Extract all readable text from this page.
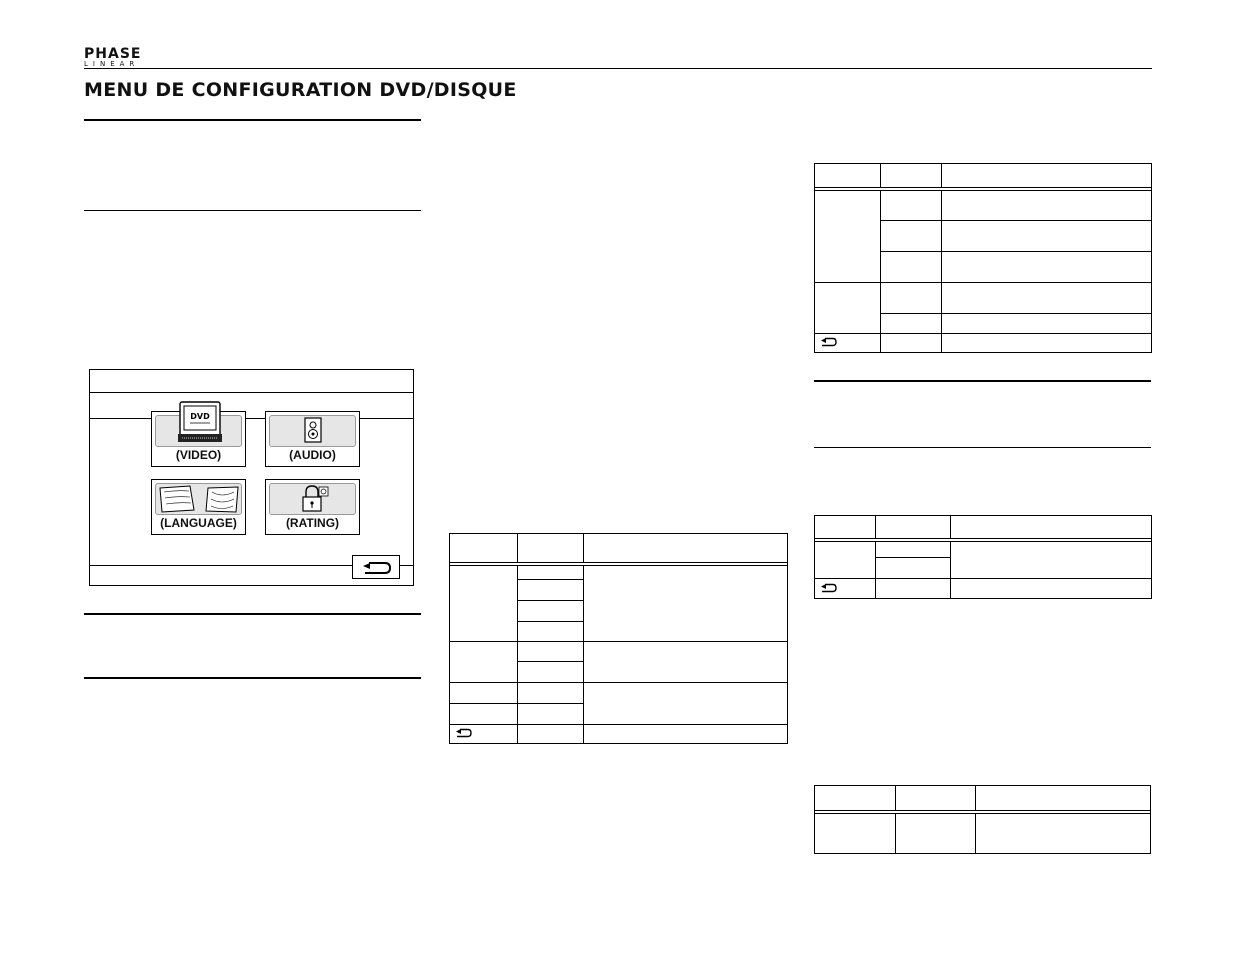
PHASE
LINEAR
MENU DE CONFIGURATION DVD/DISQUE
DVD
(VIDEO)	(AUDIO)
(LANGUAGE)	(RATING)
